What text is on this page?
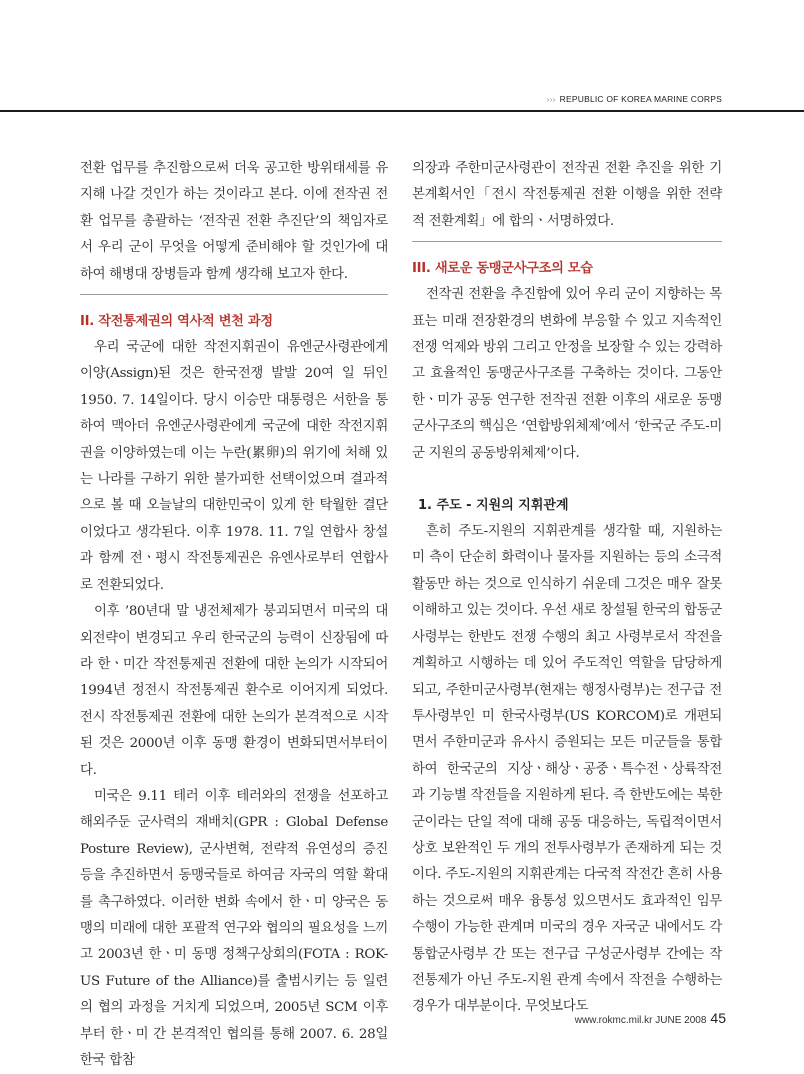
››› REPUBLIC OF KOREA MARINE CORPS

전환 업무를 추진함으로써 더욱 공고한 방위태세를 유지해 나갈 것인가 하는 것이라고 본다. 이에 전작권 전환 업무를 총괄하는 ‘전작권 전환 추진단’의 책임자로서 우리 군이 무엇을 어떻게 준비해야 할 것인가에 대하여 해병대 장병들과 함께 생각해 보고자 한다.

II. 작전통제권의 역사적 변천 과정

우리 국군에 대한 작전지휘권이 유엔군사령관에게 이양(Assign)된 것은 한국전쟁 발발 20여 일 뒤인 1950. 7. 14일이다. 당시 이승만 대통령은 서한을 통하여 맥아더 유엔군사령관에게 국군에 대한 작전지휘권을 이양하였는데 이는 누란(累卵)의 위기에 처해 있는 나라를 구하기 위한 불가피한 선택이었으며 결과적으로 볼 때 오늘날의 대한민국이 있게 한 탁월한 결단이었다고 생각된다. 이후 1978. 11. 7일 연합사 창설과 함께 전ㆍ평시 작전통제권은 유엔사로부터 연합사로 전환되었다.

이후 ’80년대 말 냉전체제가 붕괴되면서 미국의 대외전략이 변경되고 우리 한국군의 능력이 신장됨에 따라 한ㆍ미간 작전통제권 전환에 대한 논의가 시작되어 1994년 정전시 작전통제권 환수로 이어지게 되었다. 전시 작전통제권 전환에 대한 논의가 본격적으로 시작된 것은 2000년 이후 동맹 환경이 변화되면서부터이다.

미국은 9.11 테러 이후 테러와의 전쟁을 선포하고 해외주둔 군사력의 재배치(GPR : Global Defense Posture Review), 군사변혁, 전략적 유연성의 증진 등을 추진하면서 동맹국들로 하여금 자국의 역할 확대를 촉구하였다. 이러한 변화 속에서 한ㆍ미 양국은 동맹의 미래에 대한 포괄적 연구와 협의의 필요성을 느끼고 2003년 한ㆍ미 동맹 정책구상회의(FOTA : ROK-US Future of the Alliance)를 출범시키는 등 일련의 협의 과정을 거치게 되었으며, 2005년 SCM 이후부터 한ㆍ미 간 본격적인 협의를 통해 2007. 6. 28일 한국 합참

의장과 주한미군사령관이 전작권 전환 추진을 위한 기본계획서인「전시 작전통제권 전환 이행을 위한 전략적 전환계획」에 합의ㆍ서명하였다.

III. 새로운 동맹군사구조의 모습

전작권 전환을 추진함에 있어 우리 군이 지향하는 목표는 미래 전장환경의 변화에 부응할 수 있고 지속적인 전쟁 억제와 방위 그리고 안정을 보장할 수 있는 강력하고 효율적인 동맹군사구조를 구축하는 것이다. 그동안 한ㆍ미가 공동 연구한 전작권 전환 이후의 새로운 동맹군사구조의 핵심은 ‘연합방위체제’에서 ‘한국군 주도-미군 지원의 공동방위체제’이다.

1. 주도 - 지원의 지휘관계

흔히 주도-지원의 지휘관계를 생각할 때, 지원하는 미 측이 단순히 화력이나 물자를 지원하는 등의 소극적 활동만 하는 것으로 인식하기 쉬운데 그것은 매우 잘못 이해하고 있는 것이다. 우선 새로 창설될 한국의 합동군사령부는 한반도 전쟁 수행의 최고 사령부로서 작전을 계획하고 시행하는 데 있어 주도적인 역할을 담당하게 되고, 주한미군사령부(현재는 행정사령부)는 전구급 전투사령부인 미 한국사령부(US KORCOM)로 개편되면서 주한미군과 유사시 증원되는 모든 미군들을 통합하여 한국군의 지상ㆍ해상ㆍ공중ㆍ특수전ㆍ상륙작전과 기능별 작전들을 지원하게 된다. 즉 한반도에는 북한군이라는 단일 적에 대해 공동 대응하는, 독립적이면서 상호 보완적인 두 개의 전투사령부가 존재하게 되는 것이다. 주도-지원의 지휘관계는 다국적 작전간 흔히 사용하는 것으로써 매우 융통성 있으면서도 효과적인 임무수행이 가능한 관계며 미국의 경우 자국군 내에서도 각 통합군사령부 간 또는 전구급 구성군사령부 간에는 작전통제가 아닌 주도-지원 관계 속에서 작전을 수행하는 경우가 대부분이다. 무엇보다도

www.rokmc.mil.kr JUNE 2008 45
